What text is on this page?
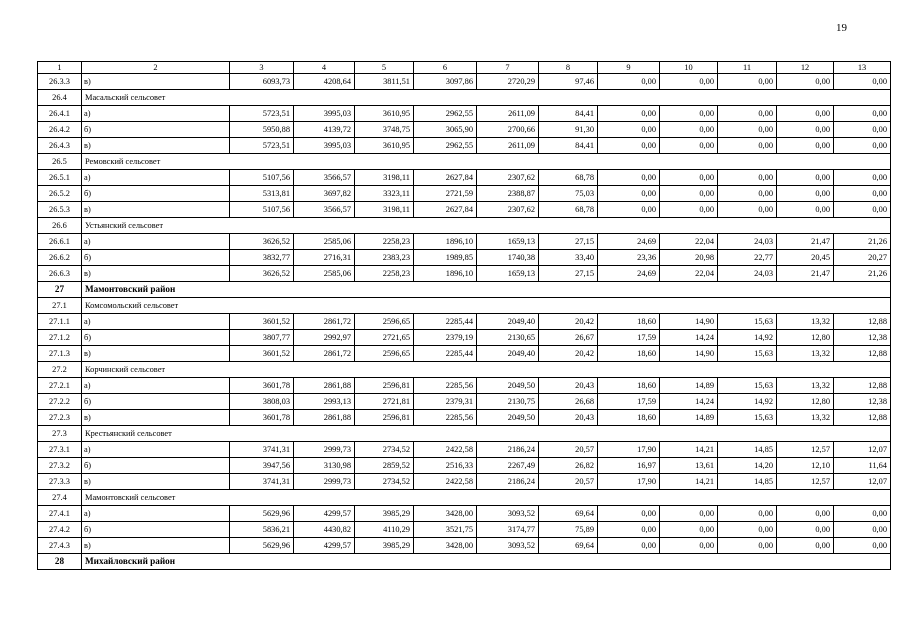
19
1	2	3	4	5	6	7	8	9	10	11	12	13
26.3.3	в)	6093,73	4208,64	3811,51	3097,86	2720,29	97,46	0,00	0,00	0,00	0,00	0,00
26.4	Масальский сельсовет											
26.4.1	а)	5723,51	3995,03	3610,95	2962,55	2611,09	84,41	0,00	0,00	0,00	0,00	0,00
26.4.2	б)	5950,88	4139,72	3748,75	3065,90	2700,66	91,30	0,00	0,00	0,00	0,00	0,00
26.4.3	в)	5723,51	3995,03	3610,95	2962,55	2611,09	84,41	0,00	0,00	0,00	0,00	0,00
26.5	Ремовский сельсовет											
26.5.1	а)	5107,56	3566,57	3198,11	2627,84	2307,62	68,78	0,00	0,00	0,00	0,00	0,00
26.5.2	б)	5313,81	3697,82	3323,11	2721,59	2388,87	75,03	0,00	0,00	0,00	0,00	0,00
26.5.3	в)	5107,56	3566,57	3198,11	2627,84	2307,62	68,78	0,00	0,00	0,00	0,00	0,00
26.6	Устьянский сельсовет											
26.6.1	а)	3626,52	2585,06	2258,23	1896,10	1659,13	27,15	24,69	22,04	24,03	21,47	21,26
26.6.2	б)	3832,77	2716,31	2383,23	1989,85	1740,38	33,40	23,36	20,98	22,77	20,45	20,27
26.6.3	в)	3626,52	2585,06	2258,23	1896,10	1659,13	27,15	24,69	22,04	24,03	21,47	21,26
27	Мамонтовский район											
27.1	Комсомольский сельсовет											
27.1.1	а)	3601,52	2861,72	2596,65	2285,44	2049,40	20,42	18,60	14,90	15,63	13,32	12,88
27.1.2	б)	3807,77	2992,97	2721,65	2379,19	2130,65	26,67	17,59	14,24	14,92	12,80	12,38
27.1.3	в)	3601,52	2861,72	2596,65	2285,44	2049,40	20,42	18,60	14,90	15,63	13,32	12,88
27.2	Корчинский сельсовет											
27.2.1	а)	3601,78	2861,88	2596,81	2285,56	2049,50	20,43	18,60	14,89	15,63	13,32	12,88
27.2.2	б)	3808,03	2993,13	2721,81	2379,31	2130,75	26,68	17,59	14,24	14,92	12,80	12,38
27.2.3	в)	3601,78	2861,88	2596,81	2285,56	2049,50	20,43	18,60	14,89	15,63	13,32	12,88
27.3	Крестьянский сельсовет											
27.3.1	а)	3741,31	2999,73	2734,52	2422,58	2186,24	20,57	17,90	14,21	14,85	12,57	12,07
27.3.2	б)	3947,56	3130,98	2859,52	2516,33	2267,49	26,82	16,97	13,61	14,20	12,10	11,64
27.3.3	в)	3741,31	2999,73	2734,52	2422,58	2186,24	20,57	17,90	14,21	14,85	12,57	12,07
27.4	Мамонтовский сельсовет											
27.4.1	а)	5629,96	4299,57	3985,29	3428,00	3093,52	69,64	0,00	0,00	0,00	0,00	0,00
27.4.2	б)	5836,21	4430,82	4110,29	3521,75	3174,77	75,89	0,00	0,00	0,00	0,00	0,00
27.4.3	в)	5629,96	4299,57	3985,29	3428,00	3093,52	69,64	0,00	0,00	0,00	0,00	0,00
28	Михайловский район											
